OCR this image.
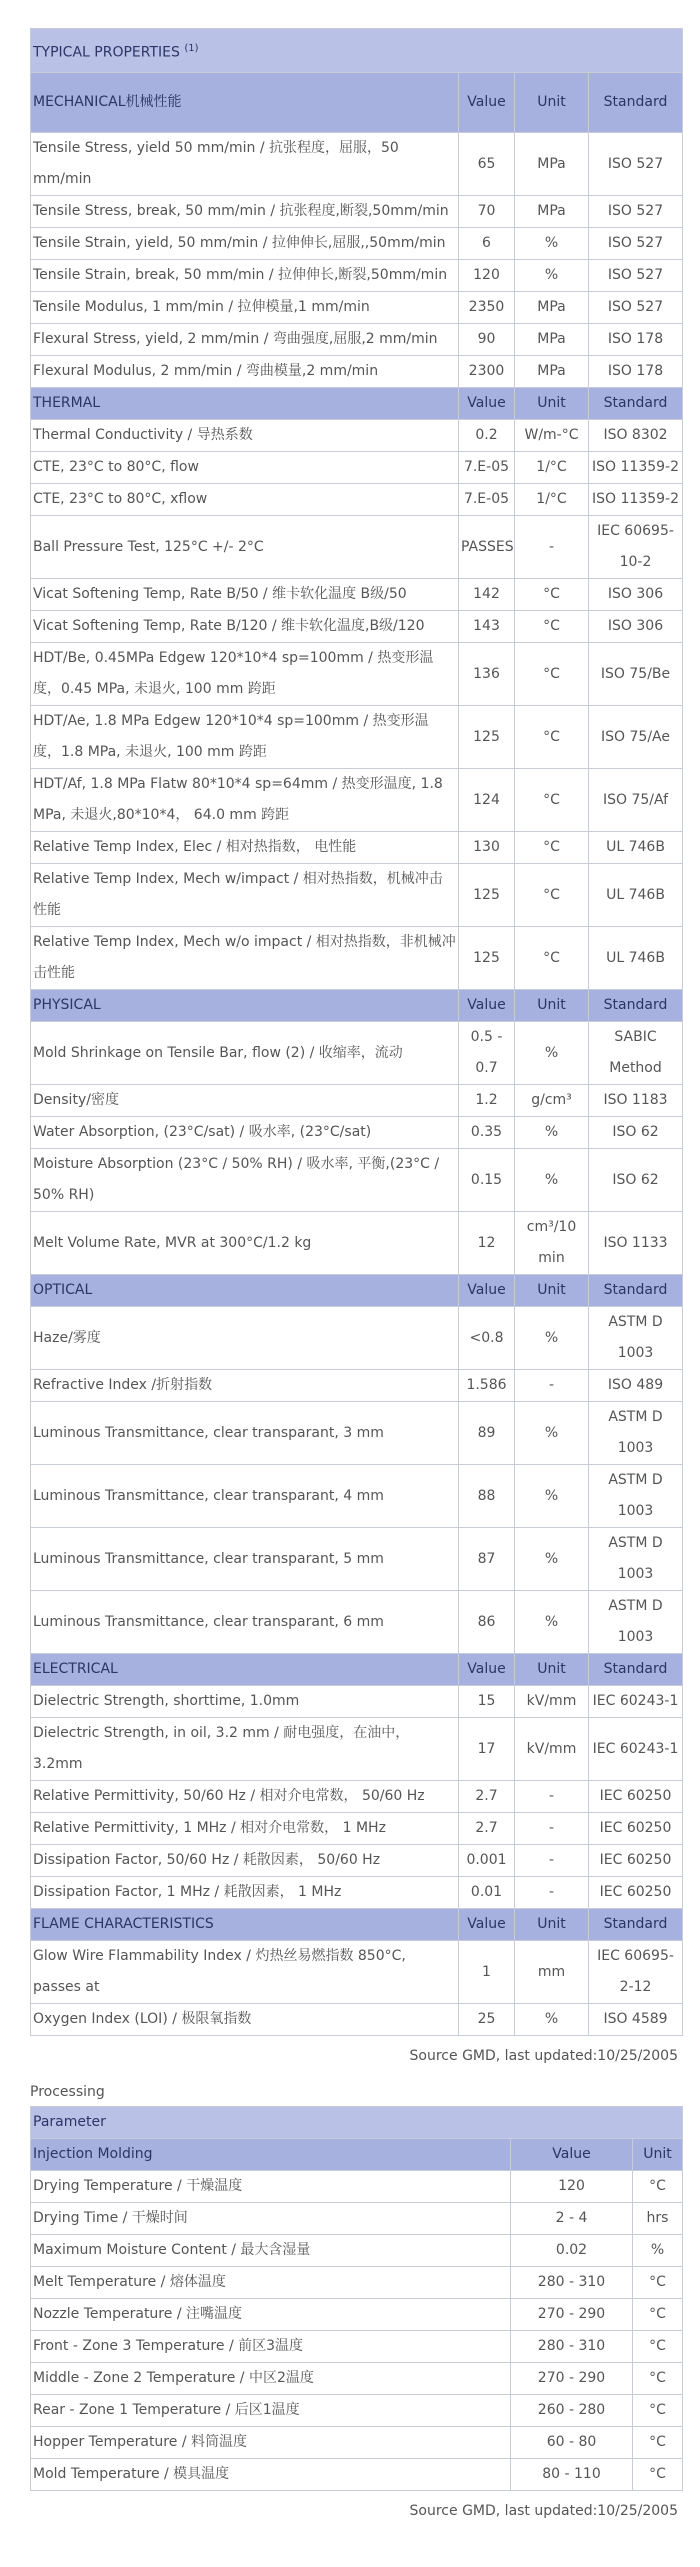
TYPICAL PROPERTIES $^{(1)}$
MECHANICAL机械性能	Value	Unit	Standard
Tensile Stress, yield 50 mm/min / 抗张程度，屈服，50 mm/min	65	MPa	ISO 527
Tensile Stress, break, 50 mm/min / 抗张程度,断裂,50mm/min	70	MPa	ISO 527
Tensile Strain, yield, 50 mm/min / 拉伸伸长,屈服,,50mm/min	6	%	ISO 527
Tensile Strain, break, 50 mm/min / 拉伸伸长,断裂,50mm/min	120	%	ISO 527
Tensile Modulus, 1 mm/min / 拉伸模量,1 mm/min	2350	MPa	ISO 527
Flexural Stress, yield, 2 mm/min / 弯曲强度,屈服,2 mm/min	90	MPa	ISO 178
Flexural Modulus, 2 mm/min / 弯曲模量,2 mm/min	2300	MPa	ISO 178
THERMAL	Value	Unit	Standard
Thermal Conductivity / 导热系数	0.2	W/m-°C	ISO 8302
CTE, 23°C to 80°C, flow	7.E-05	1/°C	ISO 11359-2
CTE, 23°C to 80°C, xflow	7.E-05	1/°C	ISO 11359-2
Ball Pressure Test, 125°C +/- 2°C	PASSES	-	IEC 60695-10-2
Vicat Softening Temp, Rate B/50 / 维卡软化温度 B级/50	142	°C	ISO 306
Vicat Softening Temp, Rate B/120 / 维卡软化温度,B级/120	143	°C	ISO 306
HDT/Be, 0.45MPa Edgew 120*10*4 sp=100mm / 热变形温度，0.45 MPa, 未退火, 100 mm 跨距	136	°C	ISO 75/Be
HDT/Ae, 1.8 MPa Edgew 120*10*4 sp=100mm / 热变形温度，1.8 MPa, 未退火, 100 mm 跨距	125	°C	ISO 75/Ae
HDT/Af, 1.8 MPa Flatw 80*10*4 sp=64mm / 热变形温度, 1.8 MPa, 未退火,80*10*4， 64.0 mm 跨距	124	°C	ISO 75/Af
Relative Temp Index, Elec / 相对热指数， 电性能	130	°C	UL 746B
Relative Temp Index, Mech w/impact / 相对热指数，机械冲击性能	125	°C	UL 746B
Relative Temp Index, Mech w/o impact / 相对热指数，非机械冲击性能	125	°C	UL 746B
PHYSICAL	Value	Unit	Standard
Mold Shrinkage on Tensile Bar, flow (2) / 收缩率，流动	0.5 - 0.7	%	SABIC Method
Density/密度	1.2	g/cm³	ISO 1183
Water Absorption, (23°C/sat) / 吸水率, (23°C/sat)	0.35	%	ISO 62
Moisture Absorption (23°C / 50% RH) / 吸水率, 平衡,(23°C / 50% RH)	0.15	%	ISO 62
Melt Volume Rate, MVR at 300°C/1.2 kg	12	cm³/10 min	ISO 1133
OPTICAL	Value	Unit	Standard
Haze/雾度	<0.8	%	ASTM D 1003
Refractive Index /折射指数	1.586	-	ISO 489
Luminous Transmittance, clear transparant, 3 mm	89	%	ASTM D 1003
Luminous Transmittance, clear transparant, 4 mm	88	%	ASTM D 1003
Luminous Transmittance, clear transparant, 5 mm	87	%	ASTM D 1003
Luminous Transmittance, clear transparant, 6 mm	86	%	ASTM D 1003
ELECTRICAL	Value	Unit	Standard
Dielectric Strength, shorttime, 1.0mm	15	kV/mm	IEC 60243-1
Dielectric Strength, in oil, 3.2 mm / 耐电强度，在油中，3.2mm	17	kV/mm	IEC 60243-1
Relative Permittivity, 50/60 Hz / 相对介电常数， 50/60 Hz	2.7	-	IEC 60250
Relative Permittivity, 1 MHz / 相对介电常数， 1 MHz	2.7	-	IEC 60250
Dissipation Factor, 50/60 Hz / 耗散因素， 50/60 Hz	0.001	-	IEC 60250
Dissipation Factor, 1 MHz / 耗散因素， 1 MHz	0.01	-	IEC 60250
FLAME CHARACTERISTICS	Value	Unit	Standard
Glow Wire Flammability Index / 灼热丝易燃指数 850°C, passes at	1	mm	IEC 60695-2-12
Oxygen Index (LOI) / 极限氧指数	25	%	ISO 4589
Source GMD, last updated:10/25/2005
Processing
Parameter		
Injection Molding	Value	Unit
Drying Temperature / 干燥温度	120	°C
Drying Time / 干燥时间	2 - 4	hrs
Maximum Moisture Content / 最大含湿量	0.02	%
Melt Temperature / 熔体温度	280 - 310	°C
Nozzle Temperature / 注嘴温度	270 - 290	°C
Front - Zone 3 Temperature / 前区3温度	280 - 310	°C
Middle - Zone 2 Temperature / 中区2温度	270 - 290	°C
Rear - Zone 1 Temperature / 后区1温度	260 - 280	°C
Hopper Temperature / 料筒温度	60 - 80	°C
Mold Temperature / 模具温度	80 - 110	°C
Source GMD, last updated:10/25/2005
